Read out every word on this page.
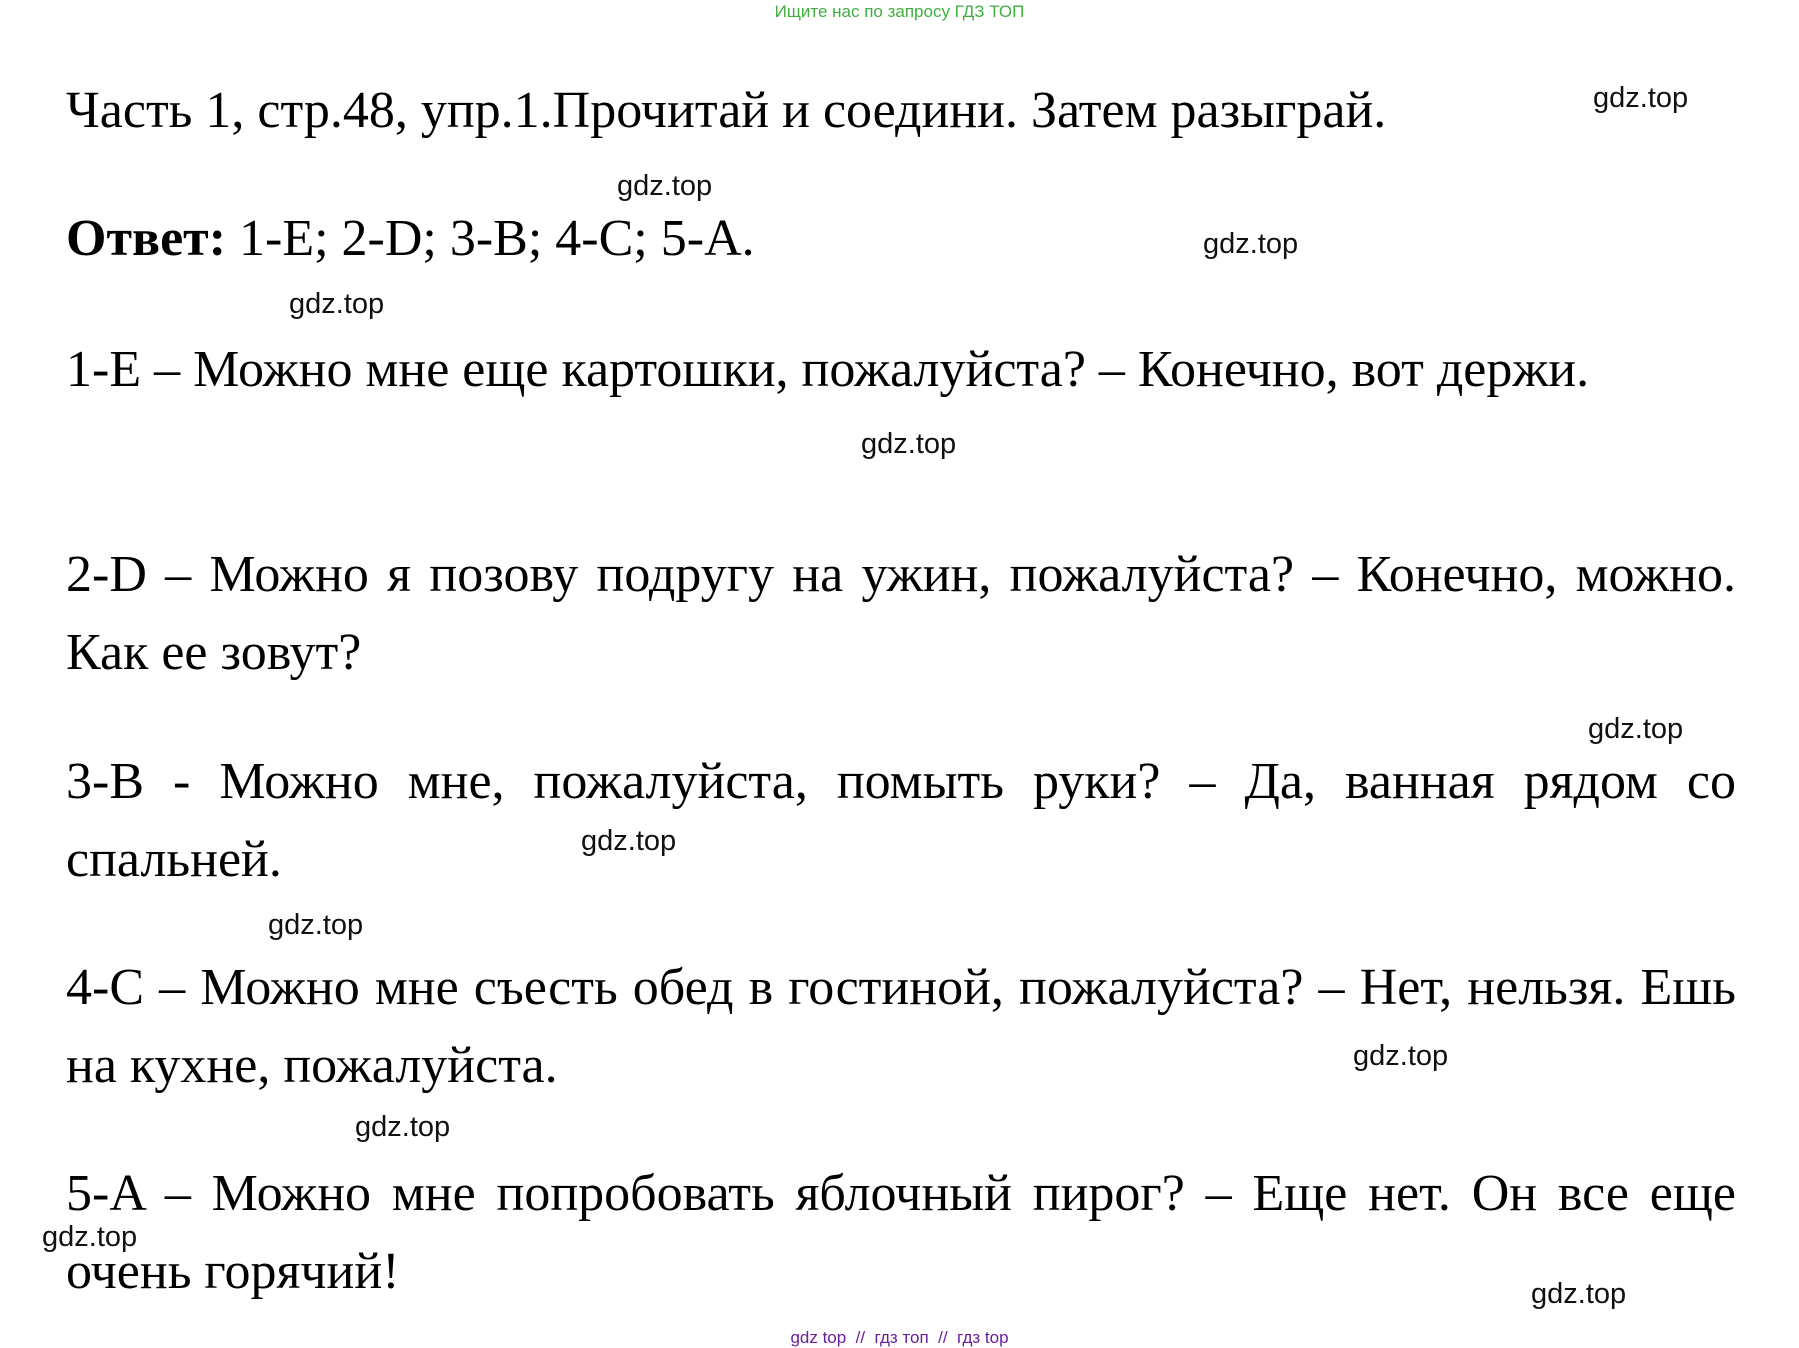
Ищите нас по запросу ГДЗ ТОП
Часть 1, стр.48, упр.1.Прочитай и соедини. Затем разыграй.
Ответ: 1-E; 2-D; 3-B; 4-C; 5-A.
1-E – Можно мне еще картошки, пожалуйста? – Конечно, вот держи.
2-D – Можно я позову подругу на ужин, пожалуйста? – Конечно, можно. Как ее зовут?
3-B - Можно мне, пожалуйста, помыть руки? – Да, ванная рядом со спальней.
4-C – Можно мне съесть обед в гостиной, пожалуйста? – Нет, нельзя. Ешь на кухне, пожалуйста.
5-A – Можно мне попробовать яблочный пирог? – Еще нет. Он все еще очень горячий!
gdz.top
gdz.top
gdz.top
gdz.top
gdz.top
gdz.top
gdz.top
gdz.top
gdz.top
gdz.top
gdz.top
gdz.top
gdz top  //  гдз топ  //  гдз top
